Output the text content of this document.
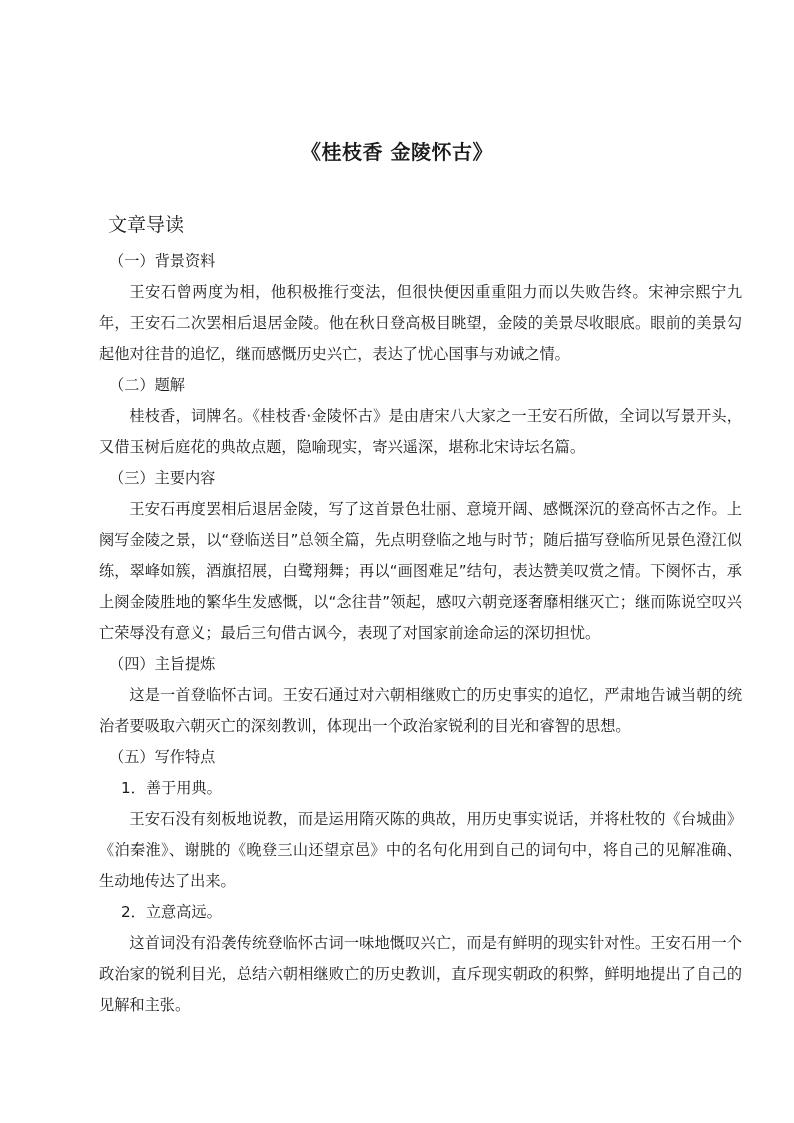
《桂枝香 金陵怀古》
文章导读

（一）背景资料

王安石曾两度为相，他积极推行变法，但很快便因重重阻力而以失败告终。宋神宗熙宁九年，王安石二次罢相后退居金陵。他在秋日登高极目眺望，金陵的美景尽收眼底。眼前的美景勾起他对往昔的追忆，继而感慨历史兴亡，表达了忧心国事与劝诫之情。

（二）题解

桂枝香，词牌名。《桂枝香·金陵怀古》是由唐宋八大家之一王安石所做，全词以写景开头，又借玉树后庭花的典故点题，隐喻现实，寄兴遥深，堪称北宋诗坛名篇。

（三）主要内容

王安石再度罢相后退居金陵，写了这首景色壮丽、意境开阔、感慨深沉的登高怀古之作。上阕写金陵之景，以“登临送目”总领全篇，先点明登临之地与时节；随后描写登临所见景色澄江似练，翠峰如簇，酒旗招展，白鹭翔舞；再以“画图难足”结句，表达赞美叹赏之情。下阕怀古，承上阕金陵胜地的繁华生发感慨，以“念往昔”领起，感叹六朝竞逐奢靡相继灭亡；继而陈说空叹兴亡荣辱没有意义；最后三句借古讽今，表现了对国家前途命运的深切担忧。

（四）主旨提炼

这是一首登临怀古词。王安石通过对六朝相继败亡的历史事实的追忆，严肃地告诫当朝的统治者要吸取六朝灭亡的深刻教训，体现出一个政治家锐利的目光和睿智的思想。

（五）写作特点

1．善于用典。

王安石没有刻板地说教，而是运用隋灭陈的典故，用历史事实说话，并将杜牧的《台城曲》《泊秦淮》、谢朓的《晚登三山还望京邑》中的名句化用到自己的词句中，将自己的见解准确、生动地传达了出来。

2．立意高远。

这首词没有沿袭传统登临怀古词一味地慨叹兴亡，而是有鲜明的现实针对性。王安石用一个政治家的锐利目光，总结六朝相继败亡的历史教训，直斥现实朝政的积弊，鲜明地提出了自己的见解和主张。
